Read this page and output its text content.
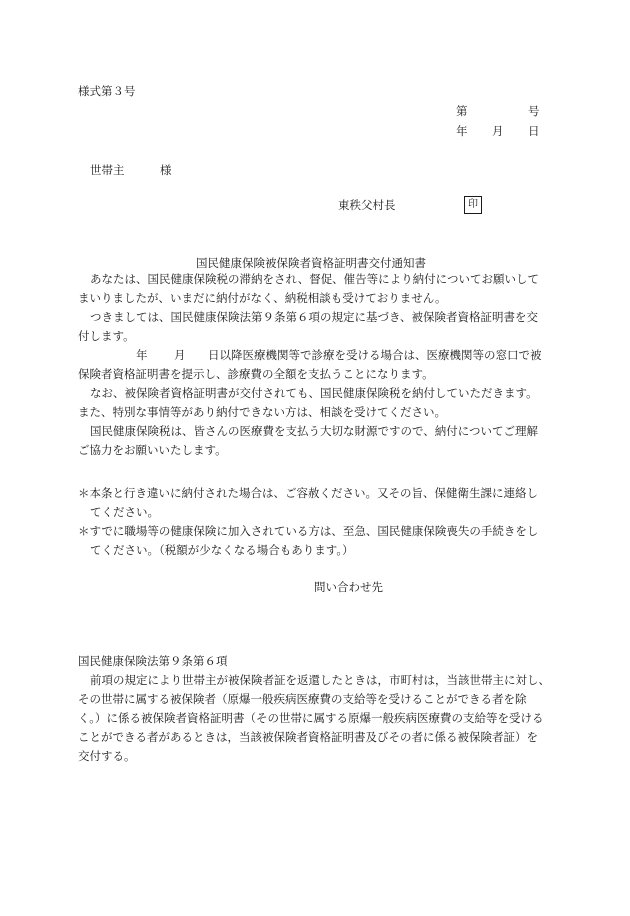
様式第３号
第	号
年 月 日
世帯主	様
東秩父村長	印
国民健康保険被保険者資格証明書交付通知書
あなたは、国民健康保険税の滞納をされ、督促、催告等により納付についてお願いして
まいりましたが、いまだに納付がなく、納税相談も受けておりません。
つきましては、国民健康保険法第９条第６項の規定に基づき、被保険者資格証明書を交
付します。
年 月 日以降医療機関等で診療を受ける場合は、医療機関等の窓口で被
保険者資格証明書を提示し、診療費の全額を支払うことになります。
なお、被保険者資格証明書が交付されても、国民健康保険税を納付していただきます。
また、特別な事情等があり納付できない方は、相談を受けてください。
国民健康保険税は、皆さんの医療費を支払う大切な財源ですので、納付についてご理解
ご協力をお願いいたします。
＊本条と行き違いに納付された場合は、ご容赦ください。又その旨、保健衛生課に連絡し
てください。
＊すでに職場等の健康保険に加入されている方は、至急、国民健康保険喪失の手続きをし
てください。（税額が少なくなる場合もあります。）
問い合わせ先
国民健康保険法第９条第６項
前項の規定により世帯主が被保険者証を返還したときは，市町村は，当該世帯主に対し、
その世帯に属する被保険者（原爆一般疾病医療費の支給等を受けることができる者を除
く。）に係る被保険者資格証明書（その世帯に属する原爆一般疾病医療費の支給等を受ける
ことができる者があるときは，当該被保険者資格証明書及びその者に係る被保険者証）を
交付する。
